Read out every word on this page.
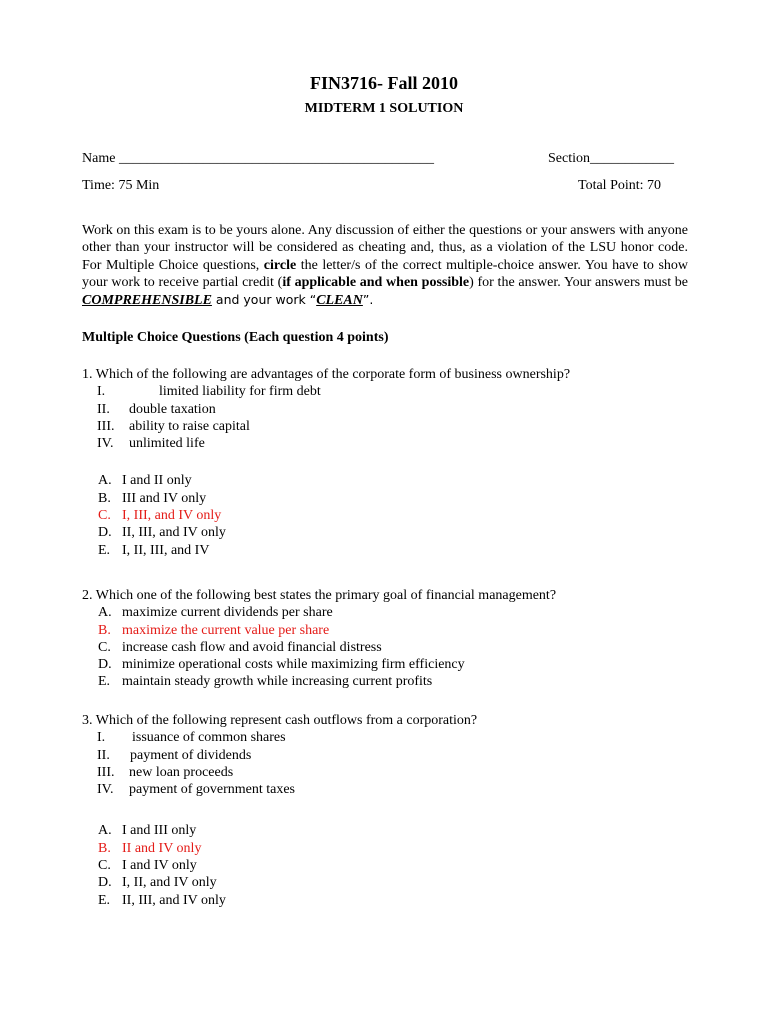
FIN3716- Fall 2010
MIDTERM 1 SOLUTION
Name _____________________________________________	Section____________
Time: 75 Min	Total Point: 70
Work on this exam is to be yours alone. Any discussion of either the questions or your answers with anyone other than your instructor will be considered as cheating and, thus, as a violation of the LSU honor code. For Multiple Choice questions, circle the letter/s of the correct multiple-choice answer. You have to show your work to receive partial credit (if applicable and when possible) for the answer. Your answers must be COMPREHENSIBLE and your work “CLEAN”.
Multiple Choice Questions (Each question 4 points)
1. Which of the following are advantages of the corporate form of business ownership?
I.	limited liability for firm debt
II. double taxation
III. ability to raise capital
IV. unlimited life
A. I and II only
B. III and IV only
C. I, III, and IV only
D. II, III, and IV only
E. I, II, III, and IV
2. Which one of the following best states the primary goal of financial management?
A. maximize current dividends per share
B. maximize the current value per share
C. increase cash flow and avoid financial distress
D. minimize operational costs while maximizing firm efficiency
E. maintain steady growth while increasing current profits
3. Which of the following represent cash outflows from a corporation?
I. issuance of common shares
II. payment of dividends
III. new loan proceeds
IV. payment of government taxes
A. I and III only
B. II and IV only
C. I and IV only
D. I, II, and IV only
E. II, III, and IV only
